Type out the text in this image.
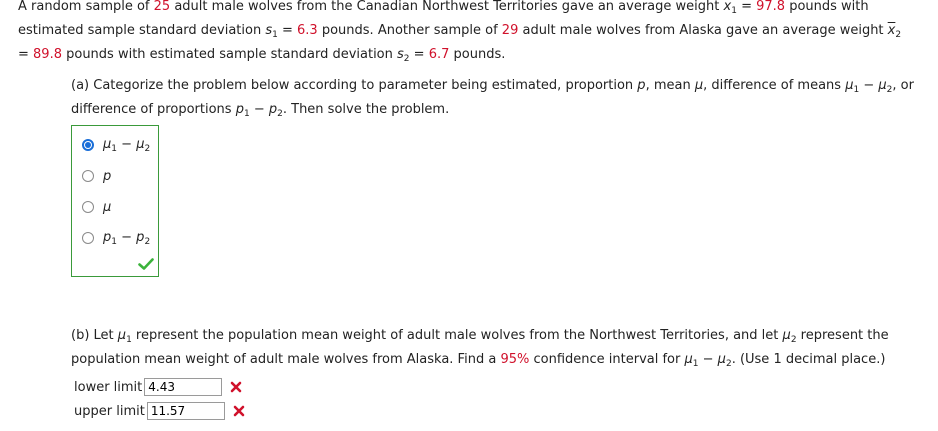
A random sample of 25 adult male wolves from the Canadian Northwest Territories gave an average weight $x_1 = 97.8$ pounds with
estimated sample standard deviation $s_1 = 6.3$ pounds. Another sample of 29 adult male wolves from Alaska gave an average weight $\overline{x}_2$
= 89.8 pounds with estimated sample standard deviation $s_2 = 6.7$ pounds.
(a) Categorize the problem below according to parameter being estimated, proportion p, mean μ, difference of means $\mu_1 - \mu_2$, or
difference of proportions $p_1 - p_2$. Then solve the problem.
$\mu_1 - \mu_2$
p
μ
$p_1 - p_2$
(b) Let $\mu_1$ represent the population mean weight of adult male wolves from the Northwest Territories, and let $\mu_2$ represent the
population mean weight of adult male wolves from Alaska. Find a 95% confidence interval for $\mu_1 - \mu_2$. (Use 1 decimal place.)
lower limit
4.43
upper limit
11.57
